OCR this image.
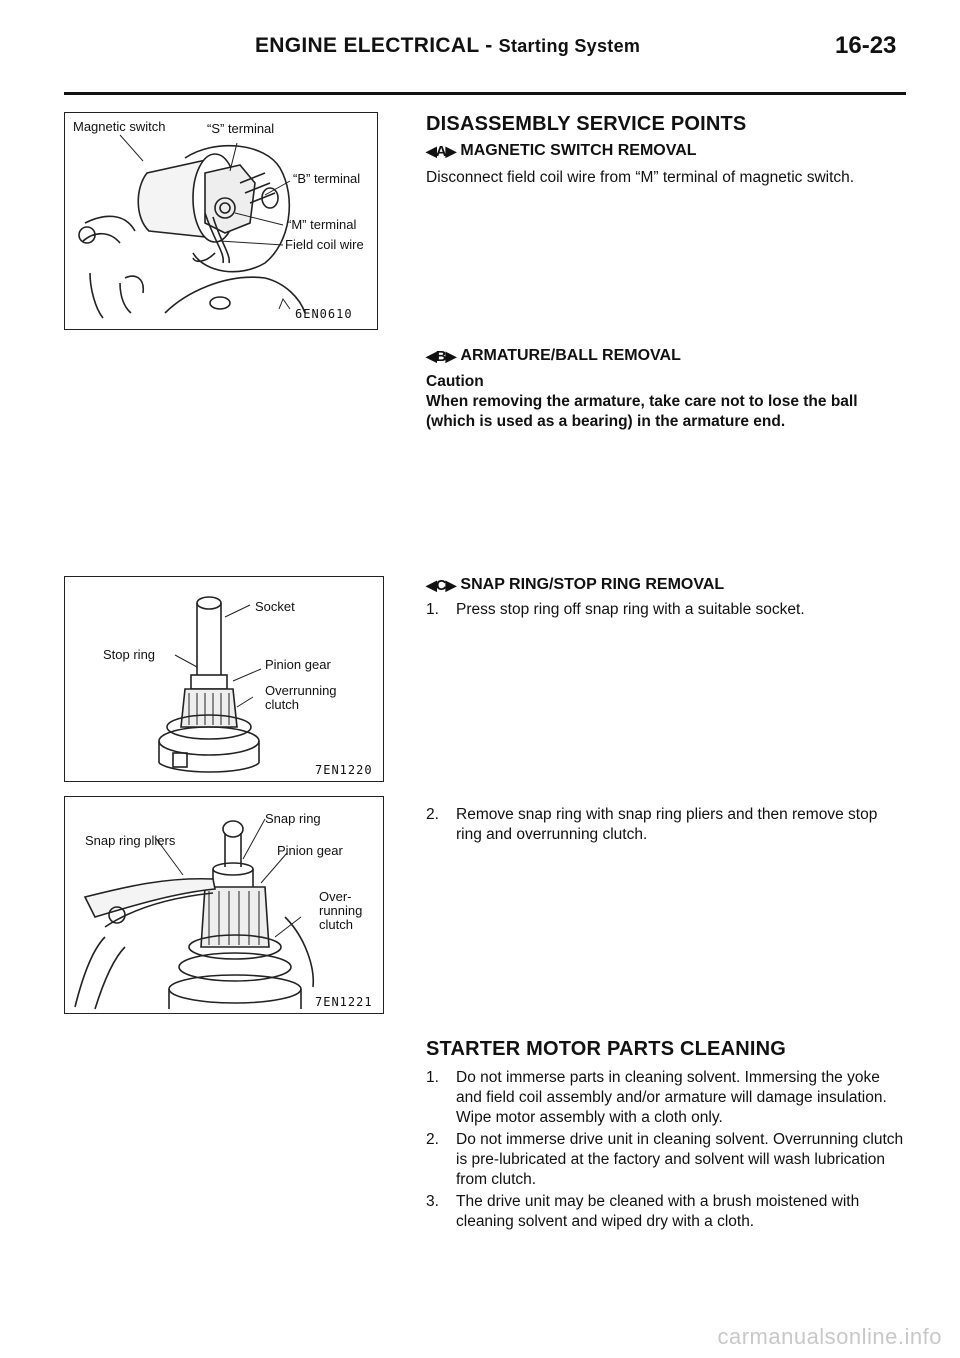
ENGINE ELECTRICAL - Starting System	16-23
Magnetic switch	“S” terminal
“B” terminal
“M” terminal
Field coil wire
6EN0610
Socket
Stop ring
Pinion gear
Overrunning
clutch
7EN1220
Snap ring
Snap ring pliers
Pinion gear
Over-
running
clutch
7EN1221
DISASSEMBLY SERVICE POINTS
◀ A ▶ MAGNETIC SWITCH REMOVAL
Disconnect field coil wire from “M” terminal of magnetic switch.
◀ B ▶ ARMATURE/BALL REMOVAL
Caution
When removing the armature, take care not to lose the ball (which is used as a bearing) in the armature end.
◀ C ▶ SNAP RING/STOP RING REMOVAL
1.	Press stop ring off snap ring with a suitable socket.
2.	Remove snap ring with snap ring pliers and then remove stop ring and overrunning clutch.
STARTER MOTOR PARTS CLEANING
1.	Do not immerse parts in cleaning solvent. Immersing the yoke and field coil assembly and/or armature will damage insulation. Wipe motor assembly with a cloth only.
2.	Do not immerse drive unit in cleaning solvent. Overrunning clutch is pre-lubricated at the factory and solvent will wash lubrication from clutch.
3.	The drive unit may be cleaned with a brush moistened with cleaning solvent and wiped dry with a cloth.
carmanualsonline.info
